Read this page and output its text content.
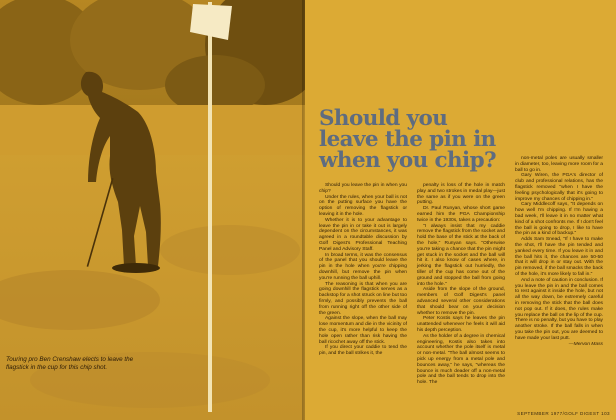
Touring pro Ben Crenshaw elects to leave the flagstick in the cup for this chip shot.
Should you
leave the pin in
when you chip?

Should you leave the pin in when you chip?

Under the rules, when your ball is not on the putting surface you have the option of removing the flagstick or leaving it in the hole.

Whether it is to your advantage to leave the pin in or take it out is largely dependent on the circumstances, it was agreed in a roundtable discussion by Golf Digest's Professional Teaching Panel and Advisory Staff.

In broad terms, it was the consensus of the panel that you should leave the pin in the hole when you're chipping downhill, but remove the pin when you're running the ball uphill.

The reasoning is that when you are going downhill the flagstick serves as a backstop for a shot struck on line but too firmly, and possibly prevents the ball from running right off the other side of the green.

Against the slope, when the ball may lose momentum and die in the vicinity of the cup, it's more helpful to keep the hole open rather than risk having the ball ricochet away off the stick.

If you direct your caddie to tend the pin, and the ball strikes it, the

penalty is loss of the hole in match play and two strokes in medal play—just the same as if you were on the green putting.

Dr. Paul Runyan, whose short game earned him the PGA Championship twice in the 1930s, takes a precaution:

"I always insist that my caddie remove the flagstick from the socket and hold the base of the stick at the back of the hole," Runyan says. "Otherwise you're taking a chance that the pin might get stuck in the socket and the ball will hit it. I also know of cases where, in jerking the flagstick out hurriedly, the tiller of the cup has come out of the ground and stopped the ball from going into the hole."

Aside from the slope of the ground, members of Golf Digest's panel advanced several other considerations that should bear on your decision whether to remove the pin.

Peter Kostis says he leaves the pin unattended whenever he feels it will aid his depth perception.

As the holder of a degree in chemical engineering, Kostis also takes into account whether the pole itself is metal or non-metal. "The ball almost seems to pick up energy from a metal pole and bounces away," he says, "whereas the bounce is much deader off a non-metal pole and the ball tends to drop into the hole. The

non-metal poles are usually smaller in diameter, too, leaving more room for a ball to go in.

Gary Wiren, the PGA's director of club and professional relations, has the flagstick removed "when I have the feeling psychologically that it's going to improve my chances of chipping in."

Cary Middlecoff says, "It depends on how well I'm chipping. If I'm having a bad week, I'll leave it in no matter what kind of a shot confronts me. If I don't feel the ball is going to drop, I like to have the pin as a kind of backup."

Adds Sam Snead, "If I have to make the shot, I'll have the pin tended and yanked every time. If you leave it in and the ball hits it, the chances are 50-50 that it will drop in or stay out. With the pin removed, if the ball smacks the back of the hole, it's more likely to fall in."

And a note of caution in conclusion. If you leave the pin in and the ball comes to rest against it inside the hole, but not all the way down, be extremely careful in removing the stick that the ball does not pop out. If it does, the rules make you replace the ball on the lip of the cup. There is no penalty, but you have to play another stroke. If the ball falls in when you take the pin out, you are deemed to have made your last putt.

—Mervon Mass

SEPTEMBER 1977/GOLF DIGEST 103
